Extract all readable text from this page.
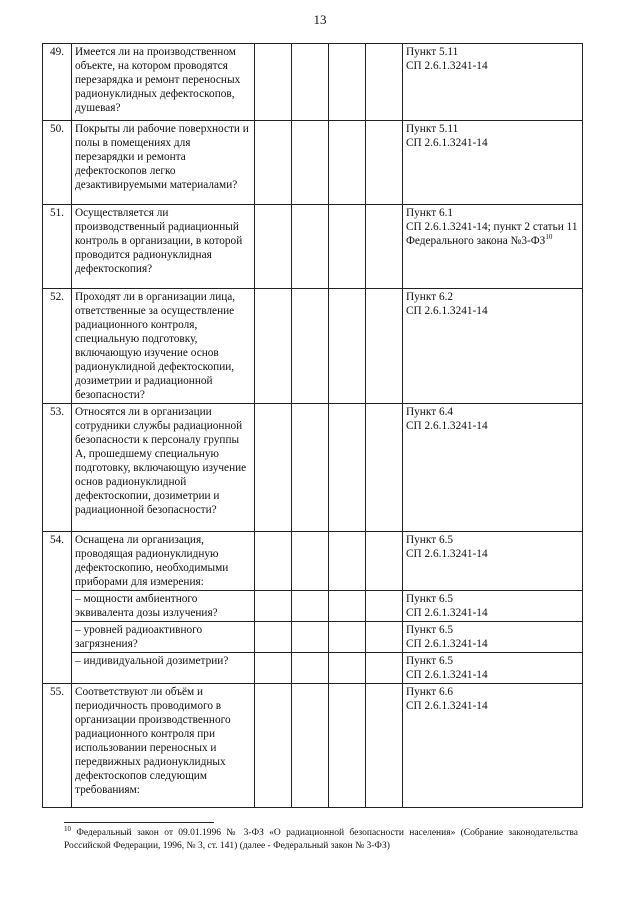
13
49.	Имеется ли на производственном объекте, на котором проводятся перезарядка и ремонт переносных радионуклидных дефектоскопов, душевая?					Пункт 5.11
СП 2.6.1.3241-14

50.	Покрыты ли рабочие поверхности и полы в помещениях для перезарядки и ремонта дефектоскопов легко дезактивируемыми материалами?					Пункт 5.11
СП 2.6.1.3241-14

51.	Осуществляется ли производственный радиационный контроль в организации, в которой проводится радионуклидная дефектоскопия?					Пункт 6.1
СП 2.6.1.3241-14; пункт 2 статьи 11 Федерального закона №3-ФЗ$^{10}$

52.	Проходят ли в организации лица, ответственные за осуществление радиационного контроля, специальную подготовку, включающую изучение основ радионуклидной дефектоскопии, дозиметрии и радиационной безопасности?					Пункт 6.2
СП 2.6.1.3241-14

53.	Относятся ли в организации сотрудники службы радиационной безопасности к персоналу группы А, прошедшему специальную подготовку, включающую изучение основ радионуклидной дефектоскопии, дозиметрии и радиационной безопасности?					Пункт 6.4
СП 2.6.1.3241-14

54.	Оснащена ли организация, проводящая радионуклидную дефектоскопию, необходимыми приборами для измерения:					Пункт 6.5
СП 2.6.1.3241-14

	– мощности амбиентного эквивалента дозы излучения?					Пункт 6.5
СП 2.6.1.3241-14

	– уровней радиоактивного загрязнения?					Пункт 6.5
СП 2.6.1.3241-14

	– индивидуальной дозиметрии?					Пункт 6.5
СП 2.6.1.3241-14

55.	Соответствуют ли объём и периодичность проводимого в организации производственного радиационного контроля при использовании переносных и передвижных радионуклидных дефектоскопов следующим требованиям:					Пункт 6.6
СП 2.6.1.3241-14
$^{10}$ Федеральный закон от 09.01.1996 № 3-ФЗ «О радиационной безопасности населения» (Собрание законодательства Российской Федерации, 1996, № 3, ст. 141) (далее - Федеральный закон № 3-ФЗ)
